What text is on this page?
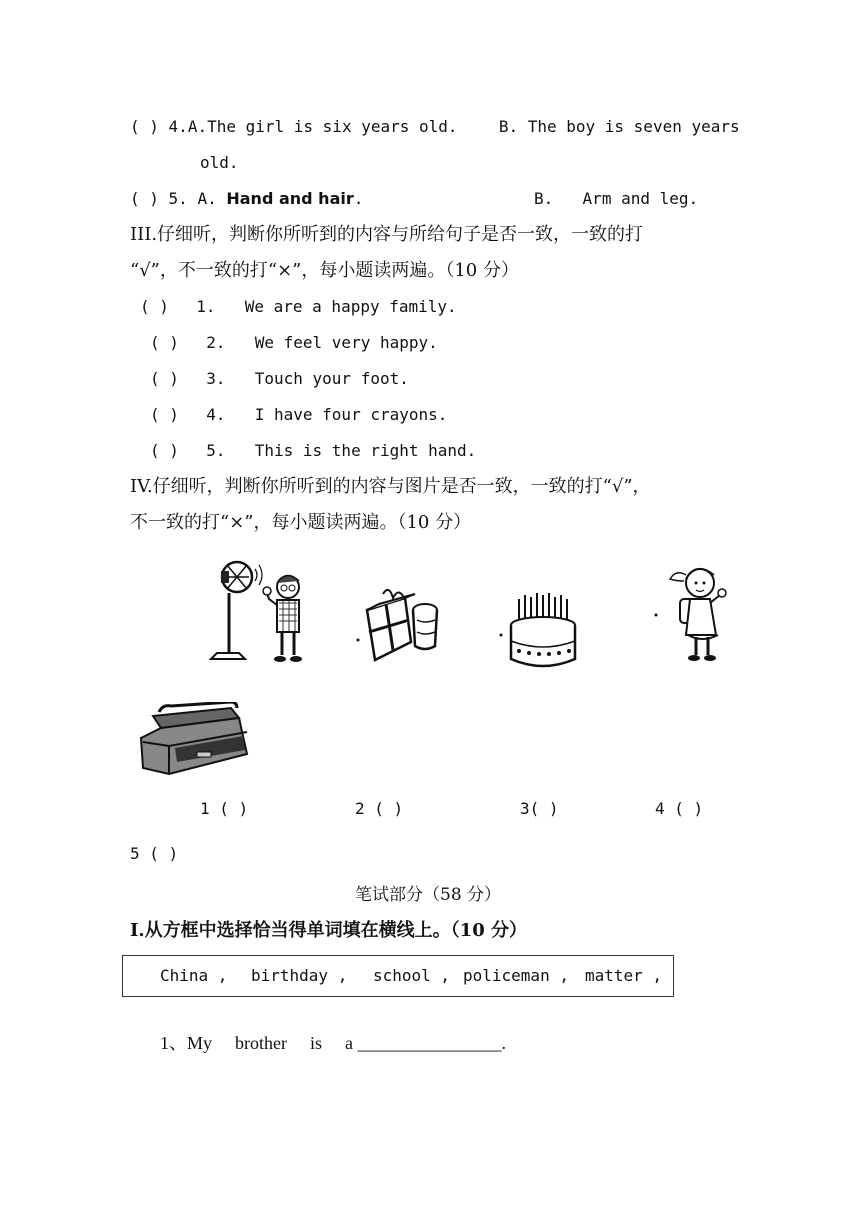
( ) 4.A.The girl is six years old.	B. The boy is seven years
old.
( ) 5. A. Hand and hair.	B. Arm and leg.
III.仔细听，判断你所听到的内容与所给句子是否一致，一致的打
“√”，不一致的打“×”，每小题读两遍。（10 分）
( ) 1. We are a happy family.
( ) 2. We feel very happy.
( ) 3. Touch your foot.
( ) 4. I have four crayons.
( ) 5. This is the right hand.
IV.仔细听，判断你所听到的内容与图片是否一致，一致的打“√”，
不一致的打“×”，每小题读两遍。（10 分）
1 ( )	2 ( )	3( )	4 ( )
5 ( )
笔试部分（58 分）
Ⅰ.从方框中选择恰当得单词填在横线上。（10 分）
China , birthday , school , policeman , matter ,
1、My brother is a ________________.
